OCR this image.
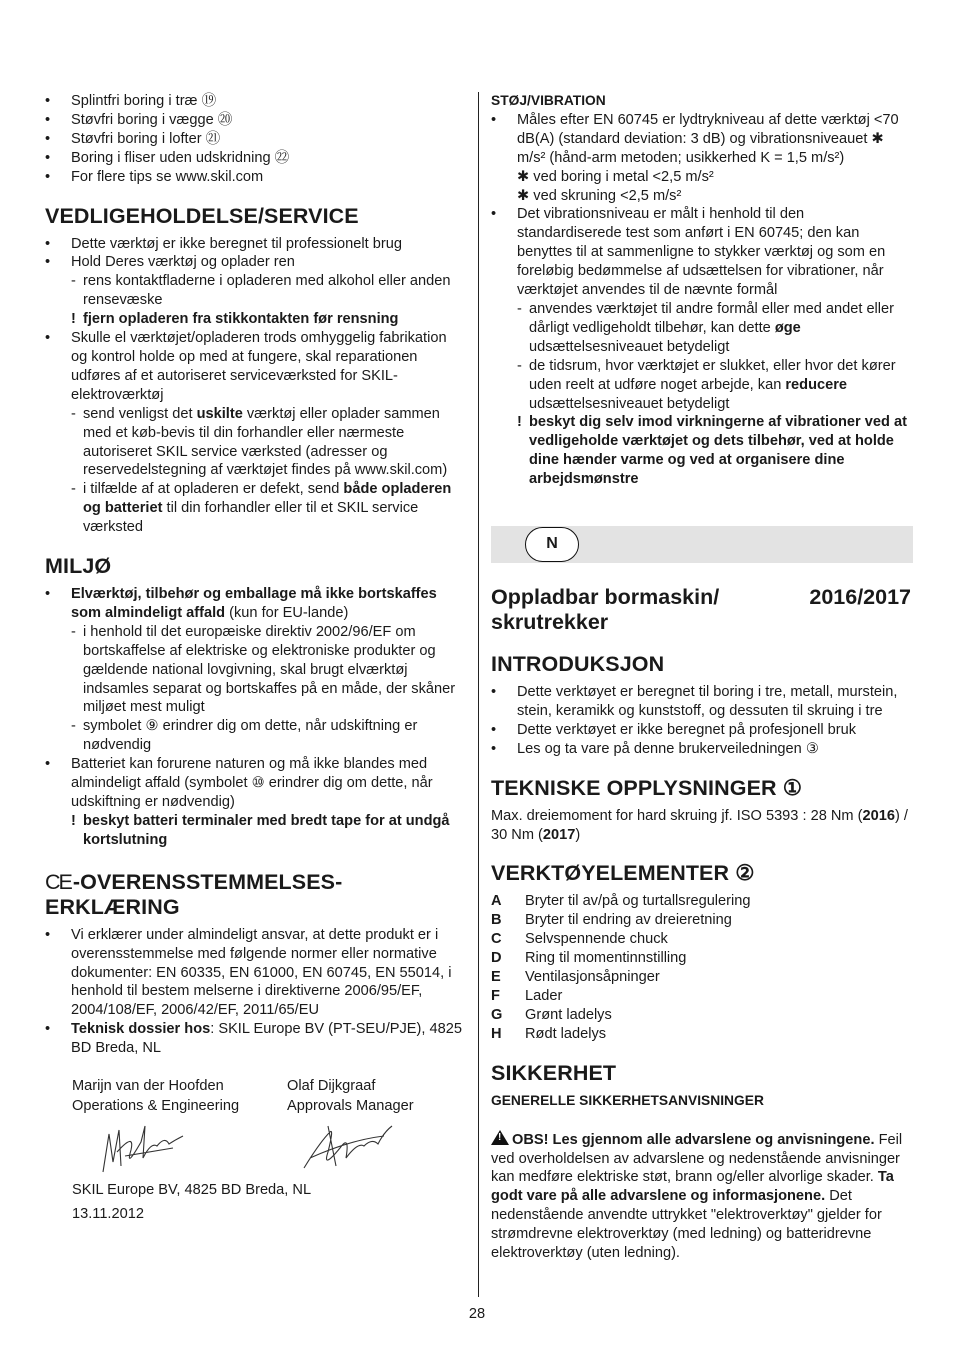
• Splintfri boring i træ ⑲
• Støvfri boring i vægge ⑳
• Støvfri boring i lofter ㉑
• Boring i fliser uden udskridning ㉒
• For flere tips se www.skil.com
VEDLIGEHOLDELSE/SERVICE
• Dette værktøj er ikke beregnet til professionelt brug
• Hold Deres værktøj og oplader ren
- rens kontaktfladerne i opladeren med alkohol eller anden rensevæske
! fjern opladeren fra stikkontakten før rensning
• Skulle el værktøjet/opladeren trods omhyggelig fabrikation og kontrol holde op med at fungere, skal reparationen udføres af et autoriseret serviceværksted for SKIL-elektroværktøj
- send venligst det uskilte værktøj eller oplader sammen med et køb-bevis til din forhandler eller nærmeste autoriseret SKIL service værksted (adresser og reservedelstegning af værktøjet findes på www.skil.com)
- i tilfælde af at opladeren er defekt, send både opladeren og batteriet til din forhandler eller til et SKIL service værksted
MILJØ
• Elværktøj, tilbehør og emballage må ikke bortskaffes som almindeligt affald (kun for EU-lande)
- i henhold til det europæiske direktiv 2002/96/EF om bortskaffelse af elektriske og elektroniske produkter og gældende national lovgivning, skal brugt elværktøj indsamles separat og bortskaffes på en måde, der skåner miljøet mest muligt
- symbolet ⑨ erindrer dig om dette, når udskiftning er nødvendig
• Batteriet kan forurene naturen og må ikke blandes med almindeligt affald (symbolet ⑩ erindrer dig om dette, når udskiftning er nødvendig)
! beskyt batteri terminaler med bredt tape for at undgå kortslutning
CE-OVERENSSTEMMELSES-
ERKLÆRING
• Vi erklærer under almindeligt ansvar, at dette produkt er i overensstemmelse med følgende normer eller normative dokumenter: EN 60335, EN 61000, EN 60745, EN 55014, i henhold til bestem melserne i direktiverne 2006/95/EF, 2004/108/EF, 2006/42/EF, 2011/65/EU
• Teknisk dossier hos: SKIL Europe BV (PT-SEU/PJE), 4825 BD Breda, NL
Marijn van der Hoofden
Operations & Engineering
Olaf Dijkgraaf
Approvals Manager
SKIL Europe BV, 4825 BD Breda, NL
13.11.2012
STØJ/VIBRATION
• Måles efter EN 60745 er lydtrykniveau af dette værktøj <70 dB(A) (standard deviation: 3 dB) og vibrationsniveauet ✱ m/s² (hånd-arm metoden; usikkerhed K = 1,5 m/s²)
✱ ved boring i metal <2,5 m/s²
✱ ved skruning <2,5 m/s²
• Det vibrationsniveau er målt i henhold til den standardiserede test som anført i EN 60745; den kan benyttes til at sammenligne to stykker værktøj og som en foreløbig bedømmelse af udsættelsen for vibrationer, når værktøjet anvendes til de nævnte formål
- anvendes værktøjet til andre formål eller med andet eller dårligt vedligeholdt tilbehør, kan dette øge udsættelsesniveauet betydeligt
- de tidsrum, hvor værktøjet er slukket, eller hvor det kører uden reelt at udføre noget arbejde, kan reducere udsættelsesniveauet betydeligt
! beskyt dig selv imod virkningerne af vibrationer ved at vedligeholde værktøjet og dets tilbehør, ved at holde dine hænder varme og ved at organisere dine arbejdsmønstre
N
Oppladbar bormaskin/ skrutrekker
2016/2017
INTRODUKSJON
• Dette verktøyet er beregnet til boring i tre, metall, murstein, stein, keramikk og kunststoff, og dessuten til skruing i tre
• Dette verktøyet er ikke beregnet på profesjonell bruk
• Les og ta vare på denne brukerveiledningen ③
TEKNISKE OPPLYSNINGER ①
Max. dreiemoment for hard skruing jf. ISO 5393 : 28 Nm (2016) / 30 Nm (2017)
VERKTØYELEMENTER ②
A	Bryter til av/på og turtallsregulering
B	Bryter til endring av dreieretning
C	Selvspennende chuck
D	Ring til momentinnstilling
E	Ventilasjonsåpninger
F	Lader
G	Grønt ladelys
H	Rødt ladelys
SIKKERHET
GENERELLE SIKKERHETSANVISNINGER
!OBS! Les gjennom alle advarslene og anvisningene. Feil ved overholdelsen av advarslene og nedenstående anvisninger kan medføre elektriske støt, brann og/eller alvorlige skader. Ta godt vare på alle advarslene og informasjonene. Det nedenstående anvendte uttrykket "elektroverktøy" gjelder for strømdrevne elektroverktøy (med ledning) og batteridrevne elektroverktøy (uten ledning).
28
